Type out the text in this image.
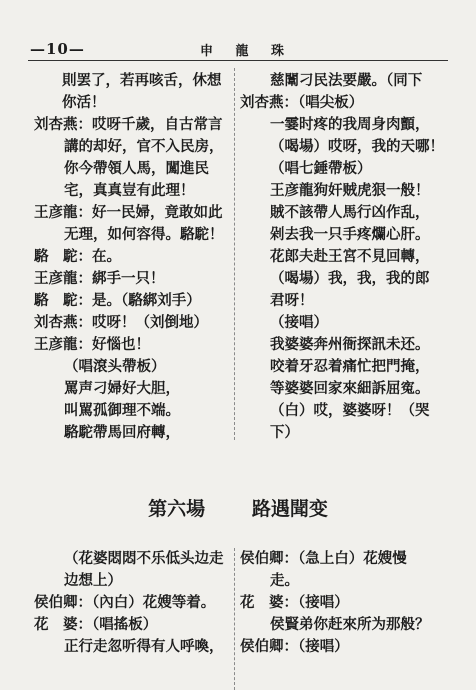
—10—	申 龍 珠
則罢了，若再咳舌，休想
你活！
刘杏燕：哎呀千歲，自古常言
講的却好，官不入民房，
你今帶領人馬，闖進民
宅，真真豈有此理！
王彦龍：好一民婦，竟敢如此
无理，如何容得。駱駝！
駱　駝：在。
王彦龍：綁手一只！
駱　駝：是。（駱綁刘手）
刘杏燕：哎呀！（刘倒地）
王彦龍：好惱也！
（唱滾头帶板）
罵声刁婦好大胆，
叫駡孤御理不端。
駱駝帶馬回府轉，
慈闈刁民法要嚴。（同下
刘杏燕：（唱尖板）
一霎时疼的我周身肉顫，
（喝場）哎呀，我的天哪！
（唱七錘帶板）
王彦龍狗奸贼虎狠一般！
賊不該帶人馬行凶作乱，
剁去我一只手疼爛心肝。
花郎夫赴王宮不見回轉，
（喝場）我，我，我的郎
君呀！
（接唱）
我婆婆奔州衙探訊未还。
咬着牙忍着痛忙把門掩，
等婆婆回家來細訴屈寃。
（白）哎，婆婆呀！（哭
下）
第六場 路遇聞变
（花婆悶悶不乐低头边走
边想上）
侯伯卿：（內白）花嫂等着。
花　婆：（唱搖板）
正行走忽听得有人呼喚，
侯伯卿：（急上白）花嫂慢
走。
花　婆：（接唱）
侯賢弟你赶來所为那般？
侯伯卿：（接唱）
